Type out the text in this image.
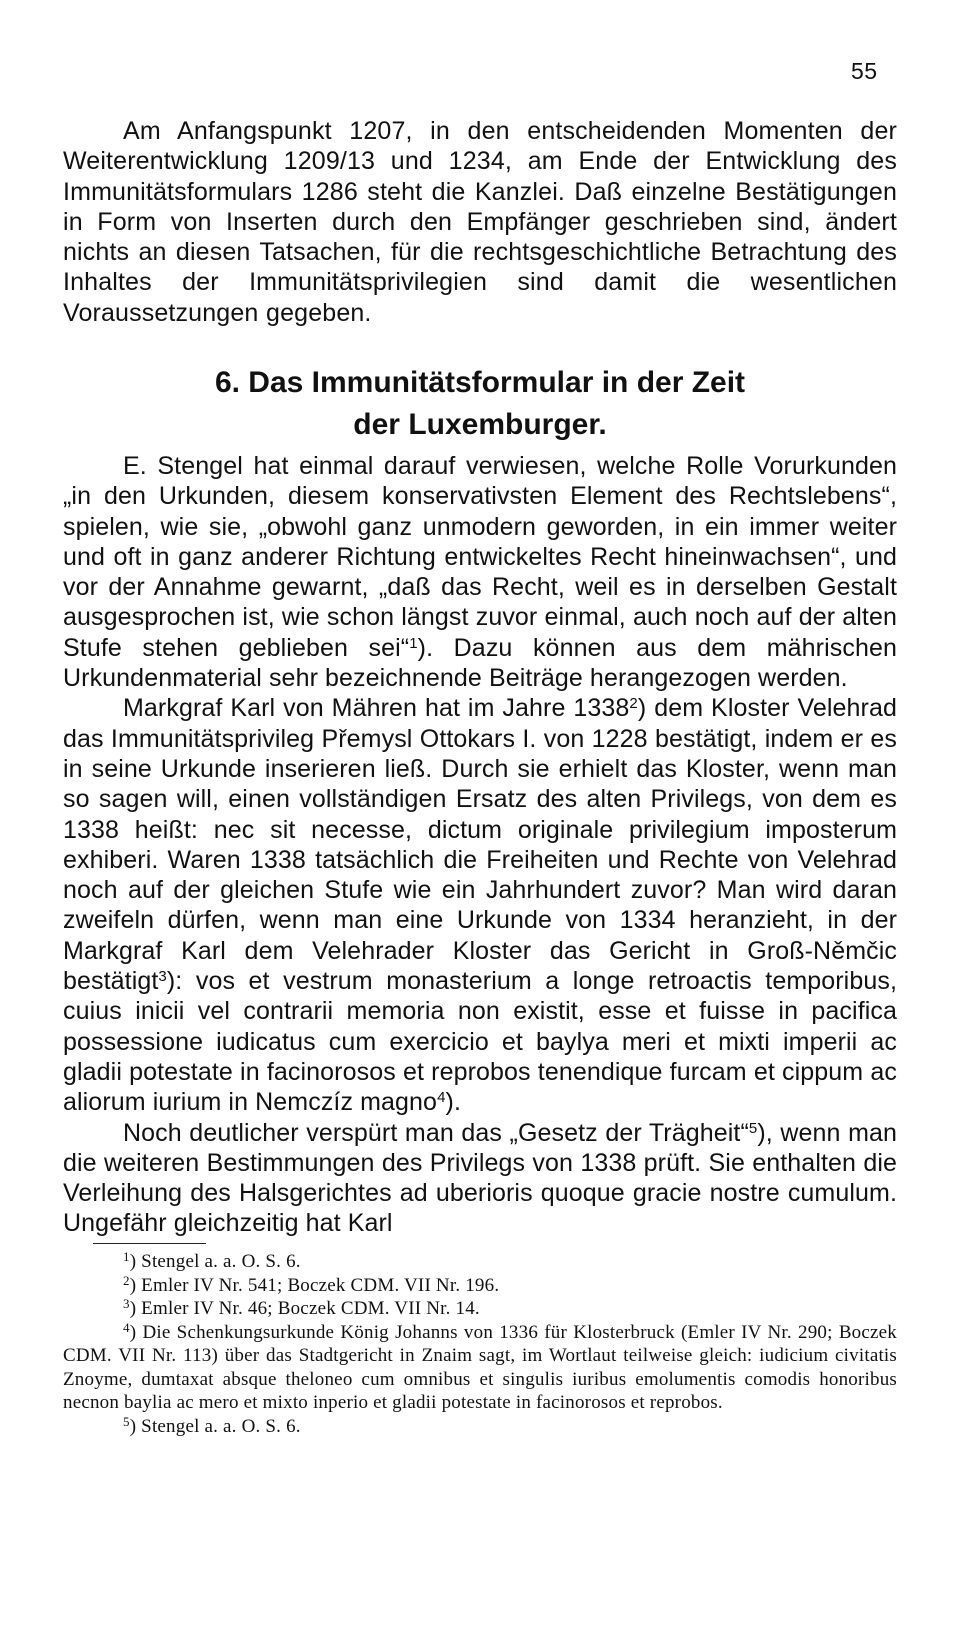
55

Am Anfangspunkt 1207, in den entscheidenden Momenten der Weiterentwicklung 1209/13 und 1234, am Ende der Entwicklung des Immunitätsformulars 1286 steht die Kanzlei. Daß einzelne Bestätigungen in Form von Inserten durch den Empfänger geschrieben sind, ändert nichts an diesen Tatsachen, für die rechtsgeschichtliche Betrachtung des Inhaltes der Immunitätsprivilegien sind damit die wesentlichen Voraussetzungen gegeben.

6. Das Immunitätsformular in der Zeit
der Luxemburger.

E. Stengel hat einmal darauf verwiesen, welche Rolle Vorurkunden „in den Urkunden, diesem konservativsten Element des Rechtslebens“, spielen, wie sie, „obwohl ganz unmodern geworden, in ein immer weiter und oft in ganz anderer Richtung entwickeltes Recht hineinwachsen“, und vor der Annahme gewarnt, „daß das Recht, weil es in derselben Gestalt ausgesprochen ist, wie schon längst zuvor einmal, auch noch auf der alten Stufe stehen geblieben sei“$^1$). Dazu können aus dem mährischen Urkundenmaterial sehr bezeichnende Beiträge herangezogen werden.

Markgraf Karl von Mähren hat im Jahre 1338$^2$) dem Kloster Velehrad das Immunitätsprivileg Přemysl Ottokars I. von 1228 bestätigt, indem er es in seine Urkunde inserieren ließ. Durch sie erhielt das Kloster, wenn man so sagen will, einen vollständigen Ersatz des alten Privilegs, von dem es 1338 heißt: nec sit necesse, dictum originale privilegium imposterum exhiberi. Waren 1338 tatsächlich die Freiheiten und Rechte von Velehrad noch auf der gleichen Stufe wie ein Jahrhundert zuvor? Man wird daran zweifeln dürfen, wenn man eine Urkunde von 1334 heranzieht, in der Markgraf Karl dem Velehrader Kloster das Gericht in Groß-Němčic bestätigt$^3$): vos et vestrum monasterium a longe retroactis temporibus, cuius inicii vel contrarii memoria non existit, esse et fuisse in pacifica possessione iudicatus cum exercicio et baylya meri et mixti imperii ac gladii potestate in facinorosos et reprobos tenendique furcam et cippum ac aliorum iurium in Nemczíz magno$^4$).

Noch deutlicher verspürt man das „Gesetz der Trägheit“$^5$), wenn man die weiteren Bestimmungen des Privilegs von 1338 prüft. Sie enthalten die Verleihung des Halsgerichtes ad uberioris quoque gracie nostre cumulum. Ungefähr gleichzeitig hat Karl

$^1$) Stengel a. a. O. S. 6.

$^2$) Emler IV Nr. 541; Boczek CDM. VII Nr. 196.

$^3$) Emler IV Nr. 46; Boczek CDM. VII Nr. 14.

$^4$) Die Schenkungsurkunde König Johanns von 1336 für Klosterbruck (Emler IV Nr. 290; Boczek CDM. VII Nr. 113) über das Stadtgericht in Znaim sagt, im Wortlaut teilweise gleich: iudicium civitatis Znoyme, dumtaxat absque theloneo cum omnibus et singulis iuribus emolumentis comodis honoribus necnon baylia ac mero et mixto inperio et gladii potestate in facinorosos et reprobos.

$^5$) Stengel a. a. O. S. 6.
